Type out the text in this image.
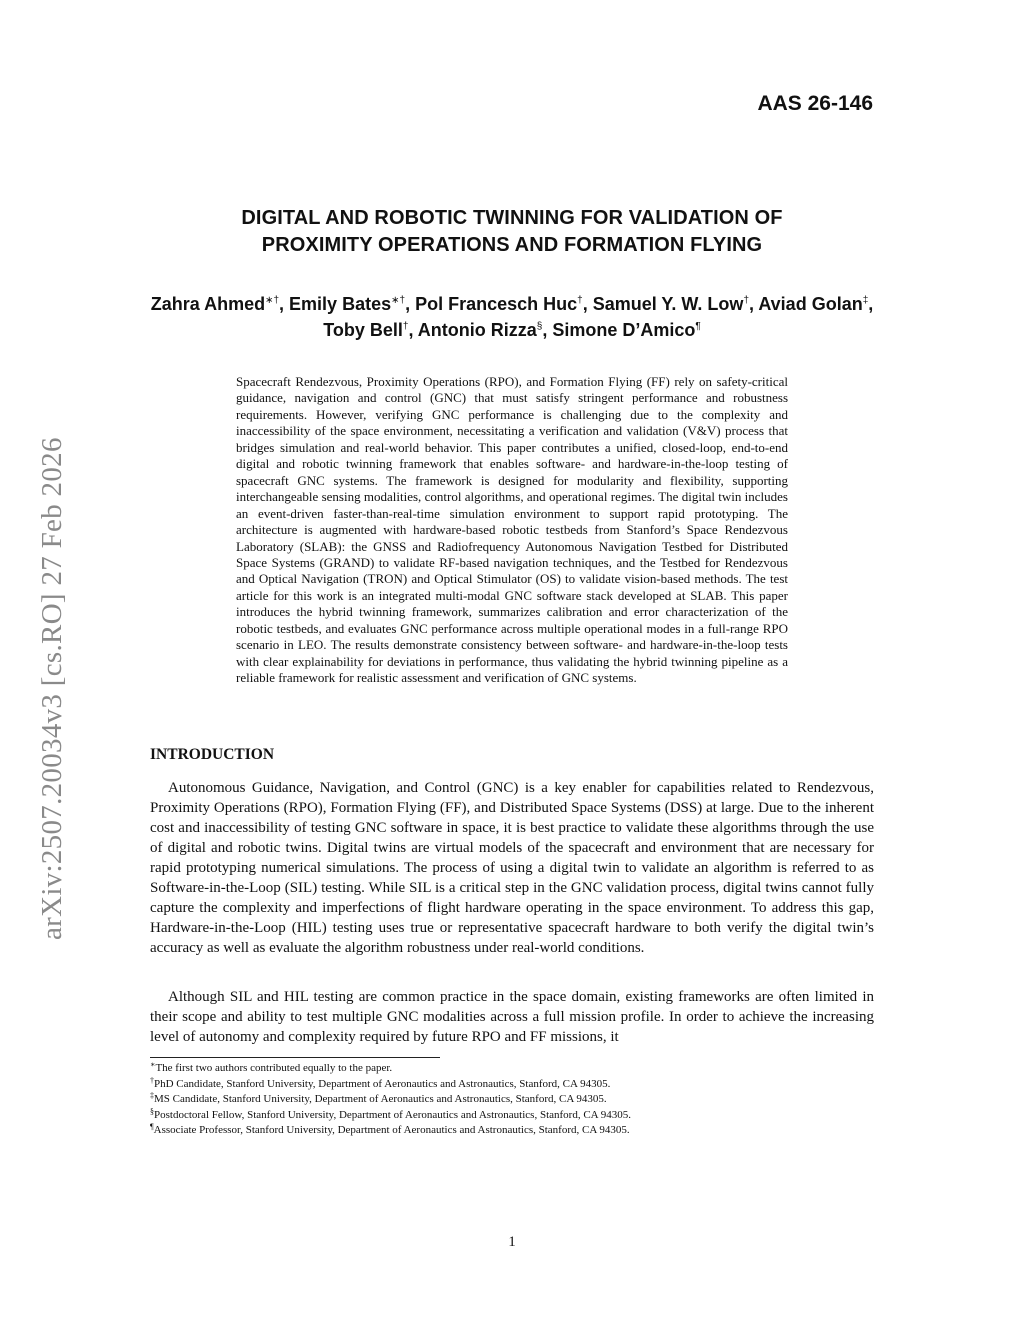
AAS 26-146
DIGITAL AND ROBOTIC TWINNING FOR VALIDATION OF
PROXIMITY OPERATIONS AND FORMATION FLYING
Zahra Ahmed∗†, Emily Bates∗†, Pol Francesch Huc†, Samuel Y. W. Low†, Aviad Golan‡, Toby Bell†, Antonio Rizza§, Simone D’Amico¶
arXiv:2507.20034v3 [cs.RO] 27 Feb 2026
Spacecraft Rendezvous, Proximity Operations (RPO), and Formation Flying (FF) rely on safety-critical guidance, navigation and control (GNC) that must satisfy stringent performance and robustness requirements. However, verifying GNC performance is challenging due to the complexity and inaccessibility of the space environment, necessitating a verification and validation (V&V) process that bridges simulation and real-world behavior. This paper contributes a unified, closed-loop, end-to-end digital and robotic twinning framework that enables software- and hardware-in-the-loop testing of spacecraft GNC systems. The framework is designed for modularity and flexibility, supporting interchangeable sensing modalities, control algorithms, and operational regimes. The digital twin includes an event-driven faster-than-real-time simulation environment to support rapid prototyping. The architecture is augmented with hardware-based robotic testbeds from Stanford’s Space Rendezvous Laboratory (SLAB): the GNSS and Radiofrequency Autonomous Navigation Testbed for Distributed Space Systems (GRAND) to validate RF-based navigation techniques, and the Testbed for Rendezvous and Optical Navigation (TRON) and Optical Stimulator (OS) to validate vision-based methods. The test article for this work is an integrated multi-modal GNC software stack developed at SLAB. This paper introduces the hybrid twinning framework, summarizes calibration and error characterization of the robotic testbeds, and evaluates GNC performance across multiple operational modes in a full-range RPO scenario in LEO. The results demonstrate consistency between software- and hardware-in-the-loop tests with clear explainability for deviations in performance, thus validating the hybrid twinning pipeline as a reliable framework for realistic assessment and verification of GNC systems.
INTRODUCTION
Autonomous Guidance, Navigation, and Control (GNC) is a key enabler for capabilities related to Rendezvous, Proximity Operations (RPO), Formation Flying (FF), and Distributed Space Systems (DSS) at large. Due to the inherent cost and inaccessibility of testing GNC software in space, it is best practice to validate these algorithms through the use of digital and robotic twins. Digital twins are virtual models of the spacecraft and environment that are necessary for rapid prototyping numerical simulations. The process of using a digital twin to validate an algorithm is referred to as Software-in-the-Loop (SIL) testing. While SIL is a critical step in the GNC validation process, digital twins cannot fully capture the complexity and imperfections of flight hardware operating in the space environment. To address this gap, Hardware-in-the-Loop (HIL) testing uses true or representative spacecraft hardware to both verify the digital twin’s accuracy as well as evaluate the algorithm robustness under real-world conditions.
Although SIL and HIL testing are common practice in the space domain, existing frameworks are often limited in their scope and ability to test multiple GNC modalities across a full mission profile. In order to achieve the increasing level of autonomy and complexity required by future RPO and FF missions, it
∗The first two authors contributed equally to the paper.
†PhD Candidate, Stanford University, Department of Aeronautics and Astronautics, Stanford, CA 94305.
‡MS Candidate, Stanford University, Department of Aeronautics and Astronautics, Stanford, CA 94305.
§Postdoctoral Fellow, Stanford University, Department of Aeronautics and Astronautics, Stanford, CA 94305.
¶Associate Professor, Stanford University, Department of Aeronautics and Astronautics, Stanford, CA 94305.
1
